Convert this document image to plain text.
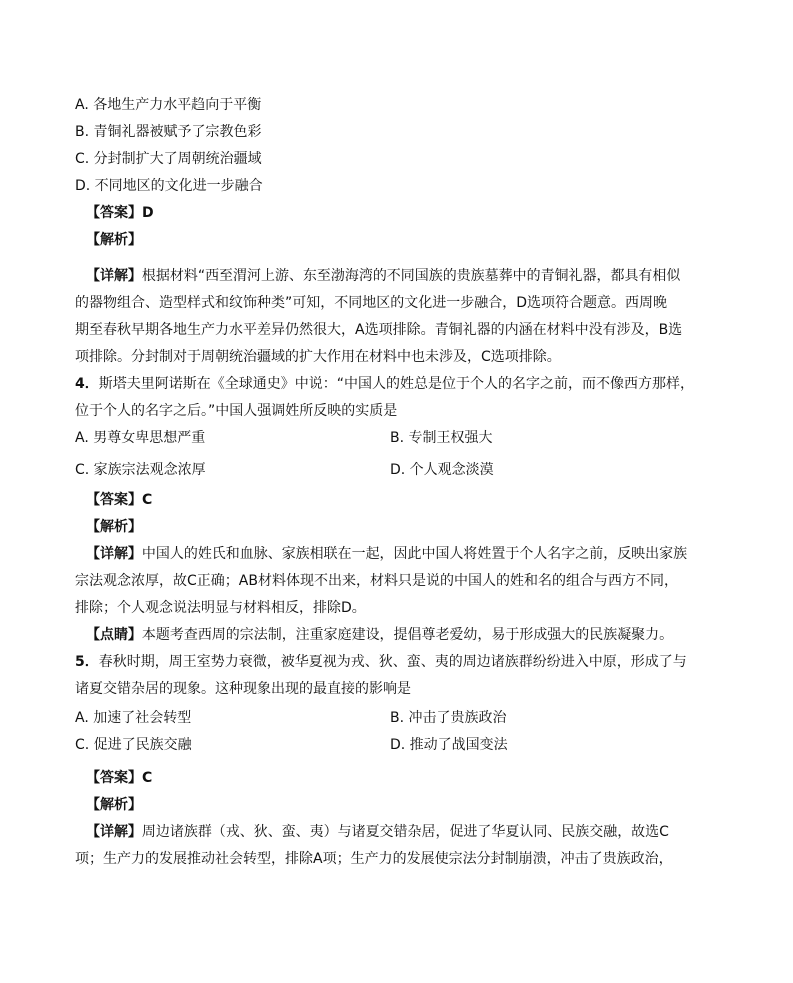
A. 各地生产力水平趋向于平衡
B. 青铜礼器被赋予了宗教色彩
C. 分封制扩大了周朝统治疆域
D. 不同地区的文化进一步融合
【答案】D
【解析】
【详解】根据材料“西至渭河上游、东至渤海湾的不同国族的贵族墓葬中的青铜礼器，都具有相似
的器物组合、造型样式和纹饰种类”可知，不同地区的文化进一步融合，D选项符合题意。西周晚
期至春秋早期各地生产力水平差异仍然很大，A选项排除。青铜礼器的内涵在材料中没有涉及，B选
项排除。分封制对于周朝统治疆域的扩大作用在材料中也未涉及，C选项排除。
4．斯塔夫里阿诺斯在《全球通史》中说：“中国人的姓总是位于个人的名字之前，而不像西方那样，
位于个人的名字之后。”中国人强调姓所反映的实质是
A. 男尊女卑思想严重	B. 专制王权强大
C. 家族宗法观念浓厚	D. 个人观念淡漠
【答案】C
【解析】
【详解】中国人的姓氏和血脉、家族相联在一起，因此中国人将姓置于个人名字之前，反映出家族
宗法观念浓厚，故C正确；AB材料体现不出来，材料只是说的中国人的姓和名的组合与西方不同，
排除；个人观念说法明显与材料相反，排除D。
【点睛】本题考查西周的宗法制，注重家庭建设，提倡尊老爱幼，易于形成强大的民族凝聚力。
5．春秋时期，周王室势力衰微，被华夏视为戎、狄、蛮、夷的周边诸族群纷纷进入中原，形成了与
诸夏交错杂居的现象。这种现象出现的最直接的影响是
A. 加速了社会转型	B. 冲击了贵族政治
C. 促进了民族交融	D. 推动了战国变法
【答案】C
【解析】
【详解】周边诸族群（戎、狄、蛮、夷）与诸夏交错杂居，促进了华夏认同、民族交融，故选C
项；生产力的发展推动社会转型，排除A项；生产力的发展使宗法分封制崩溃，冲击了贵族政治，
